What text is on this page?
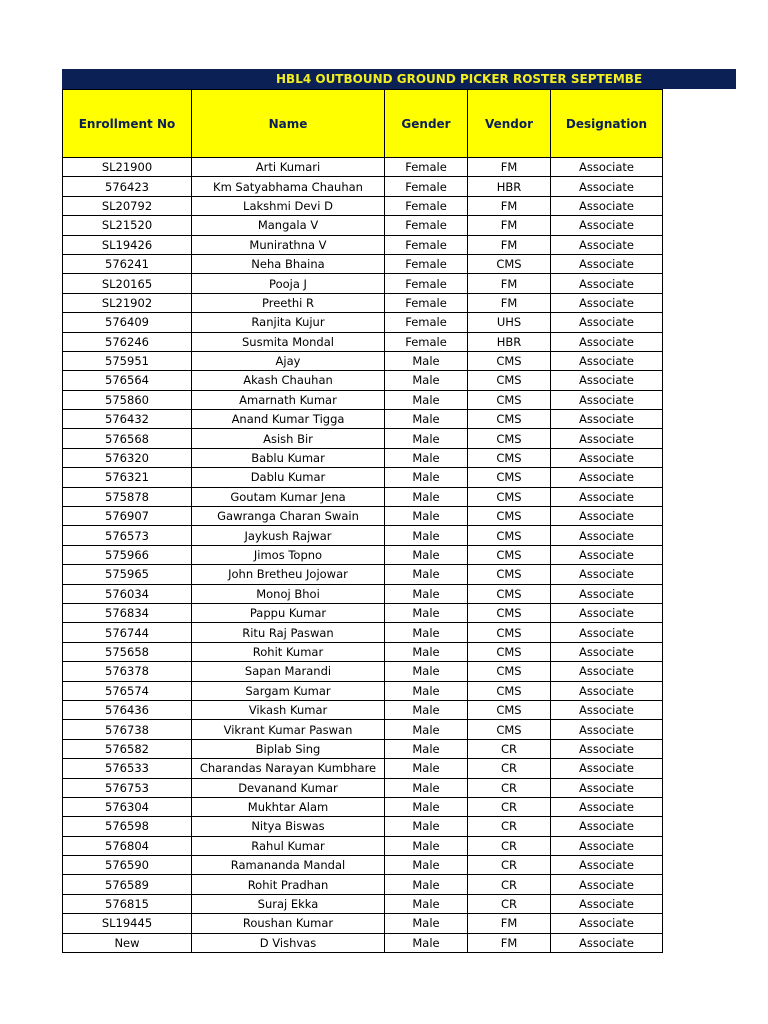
HBL4 OUTBOUND GROUND PICKER ROSTER SEPTEMBE
Enrollment No	Name	Gender	Vendor	Designation
SL21900	Arti Kumari	Female	FM	Associate
576423	Km Satyabhama Chauhan	Female	HBR	Associate
SL20792	Lakshmi Devi D	Female	FM	Associate
SL21520	Mangala V	Female	FM	Associate
SL19426	Munirathna V	Female	FM	Associate
576241	Neha Bhaina	Female	CMS	Associate
SL20165	Pooja J	Female	FM	Associate
SL21902	Preethi R	Female	FM	Associate
576409	Ranjita Kujur	Female	UHS	Associate
576246	Susmita Mondal	Female	HBR	Associate
575951	Ajay	Male	CMS	Associate
576564	Akash Chauhan	Male	CMS	Associate
575860	Amarnath Kumar	Male	CMS	Associate
576432	Anand Kumar Tigga	Male	CMS	Associate
576568	Asish Bir	Male	CMS	Associate
576320	Bablu Kumar	Male	CMS	Associate
576321	Dablu Kumar	Male	CMS	Associate
575878	Goutam Kumar Jena	Male	CMS	Associate
576907	Gawranga Charan Swain	Male	CMS	Associate
576573	Jaykush Rajwar	Male	CMS	Associate
575966	Jimos Topno	Male	CMS	Associate
575965	John Bretheu Jojowar	Male	CMS	Associate
576034	Monoj Bhoi	Male	CMS	Associate
576834	Pappu Kumar	Male	CMS	Associate
576744	Ritu Raj Paswan	Male	CMS	Associate
575658	Rohit Kumar	Male	CMS	Associate
576378	Sapan Marandi	Male	CMS	Associate
576574	Sargam Kumar	Male	CMS	Associate
576436	Vikash Kumar	Male	CMS	Associate
576738	Vikrant Kumar Paswan	Male	CMS	Associate
576582	Biplab Sing	Male	CR	Associate
576533	Charandas Narayan Kumbhare	Male	CR	Associate
576753	Devanand Kumar	Male	CR	Associate
576304	Mukhtar Alam	Male	CR	Associate
576598	Nitya Biswas	Male	CR	Associate
576804	Rahul Kumar	Male	CR	Associate
576590	Ramananda Mandal	Male	CR	Associate
576589	Rohit Pradhan	Male	CR	Associate
576815	Suraj Ekka	Male	CR	Associate
SL19445	Roushan Kumar	Male	FM	Associate
New	D Vishvas	Male	FM	Associate
